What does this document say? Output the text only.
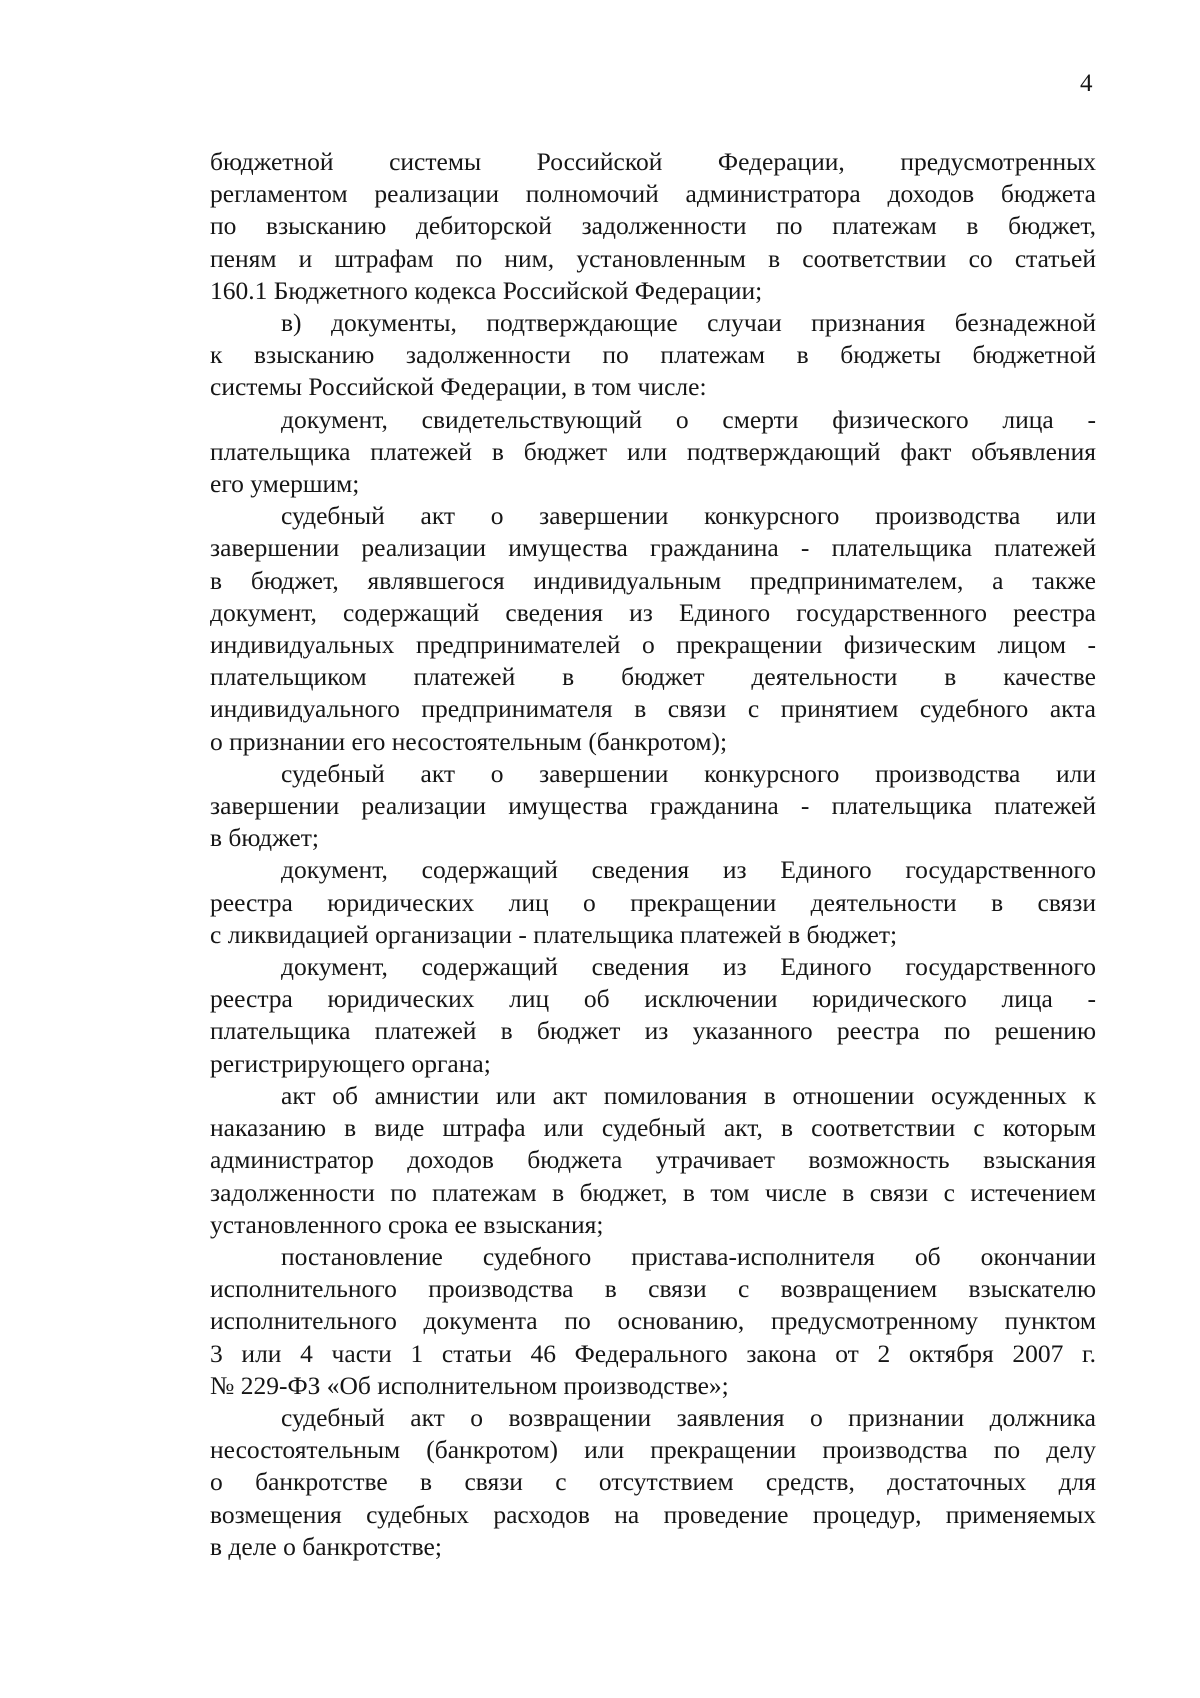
4
бюджетной системы Российской Федерации, предусмотренных
регламентом реализации полномочий администратора доходов бюджета
по взысканию дебиторской задолженности по платежам в бюджет,
пеням и штрафам по ним, установленным в соответствии со статьей
160.1 Бюджетного кодекса Российской Федерации;
в) документы, подтверждающие случаи признания безнадежной
к взысканию задолженности по платежам в бюджеты бюджетной
системы Российской Федерации, в том числе:
документ, свидетельствующий о смерти физического лица -
плательщика платежей в бюджет или подтверждающий факт объявления
его умершим;
судебный акт о завершении конкурсного производства или
завершении реализации имущества гражданина - плательщика платежей
в бюджет, являвшегося индивидуальным предпринимателем, а также
документ, содержащий сведения из Единого государственного реестра
индивидуальных предпринимателей о прекращении физическим лицом -
плательщиком платежей в бюджет деятельности в качестве
индивидуального предпринимателя в связи с принятием судебного акта
о признании его несостоятельным (банкротом);
судебный акт о завершении конкурсного производства или
завершении реализации имущества гражданина - плательщика платежей
в бюджет;
документ, содержащий сведения из Единого государственного
реестра юридических лиц о прекращении деятельности в связи
с ликвидацией организации - плательщика платежей в бюджет;
документ, содержащий сведения из Единого государственного
реестра юридических лиц об исключении юридического лица -
плательщика платежей в бюджет из указанного реестра по решению
регистрирующего органа;
акт об амнистии или акт помилования в отношении осужденных к
наказанию в виде штрафа или судебный акт, в соответствии с которым
администратор доходов бюджета утрачивает возможность взыскания
задолженности по платежам в бюджет, в том числе в связи с истечением
установленного срока ее взыскания;
постановление судебного пристава-исполнителя об окончании
исполнительного производства в связи с возвращением взыскателю
исполнительного документа по основанию, предусмотренному пунктом
3 или 4 части 1 статьи 46 Федерального закона от 2 октября 2007 г.
№ 229-ФЗ «Об исполнительном производстве»;
судебный акт о возвращении заявления о признании должника
несостоятельным (банкротом) или прекращении производства по делу
о банкротстве в связи с отсутствием средств, достаточных для
возмещения судебных расходов на проведение процедур, применяемых
в деле о банкротстве;
